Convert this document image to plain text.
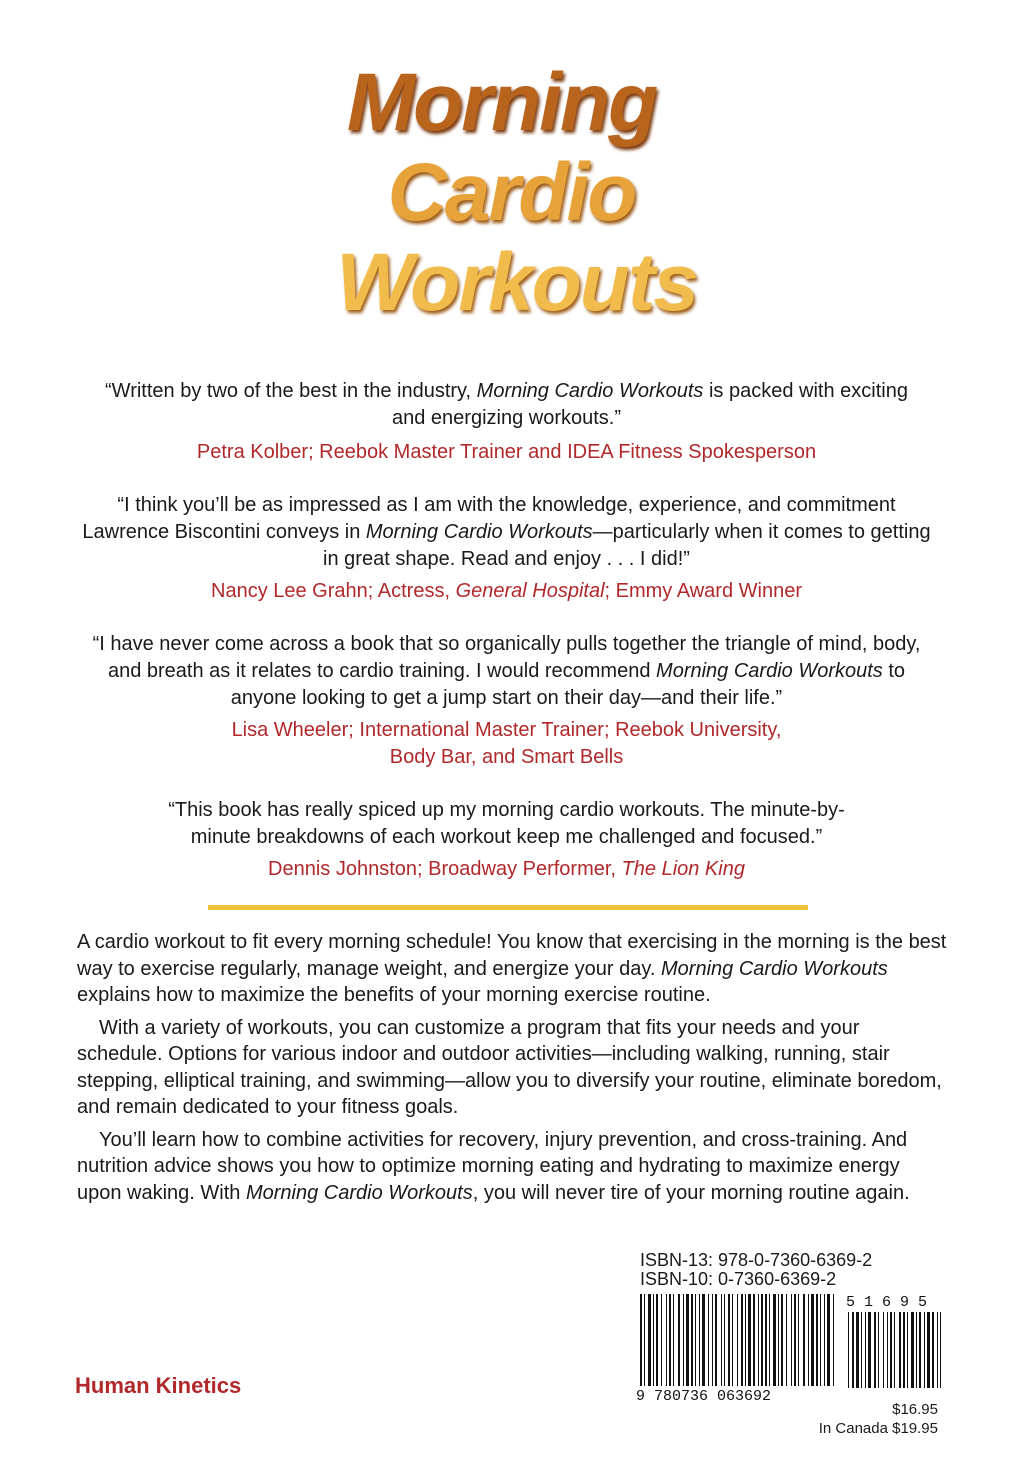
Morning
Cardio
Workouts
“Written by two of the best in the industry, Morning Cardio Workouts is packed with exciting and energizing workouts.”
Petra Kolber; Reebok Master Trainer and IDEA Fitness Spokesperson
“I think you’ll be as impressed as I am with the knowledge, experience, and commitment Lawrence Biscontini conveys in Morning Cardio Workouts—particularly when it comes to getting in great shape. Read and enjoy . . . I did!”
Nancy Lee Grahn; Actress, General Hospital; Emmy Award Winner
“I have never come across a book that so organically pulls together the triangle of mind, body, and breath as it relates to cardio training. I would recommend Morning Cardio Workouts to anyone looking to get a jump start on their day—and their life.”
Lisa Wheeler; International Master Trainer; Reebok University,
Body Bar, and Smart Bells
“This book has really spiced up my morning cardio workouts. The minute-by-minute breakdowns of each workout keep me challenged and focused.”
Dennis Johnston; Broadway Performer, The Lion King

A cardio workout to fit every morning schedule! You know that exercising in the morning is the best way to exercise regularly, manage weight, and energize your day. Morning Cardio Workouts explains how to maximize the benefits of your morning exercise routine.

With a variety of workouts, you can customize a program that fits your needs and your schedule. Options for various indoor and outdoor activities—including walking, running, stair stepping, elliptical training, and swimming—allow you to diversify your routine, eliminate boredom, and remain dedicated to your fitness goals.

You’ll learn how to combine activities for recovery, injury prevention, and cross-training. And nutrition advice shows you how to optimize morning eating and hydrating to maximize energy upon waking. With Morning Cardio Workouts, you will never tire of your morning routine again.

ISBN-13: 978-0-7360-6369-2
ISBN-10: 0-7360-6369-2
9 780736 063692
5 1 6 9 5
$16.95
In Canada $19.95
Human Kinetics
